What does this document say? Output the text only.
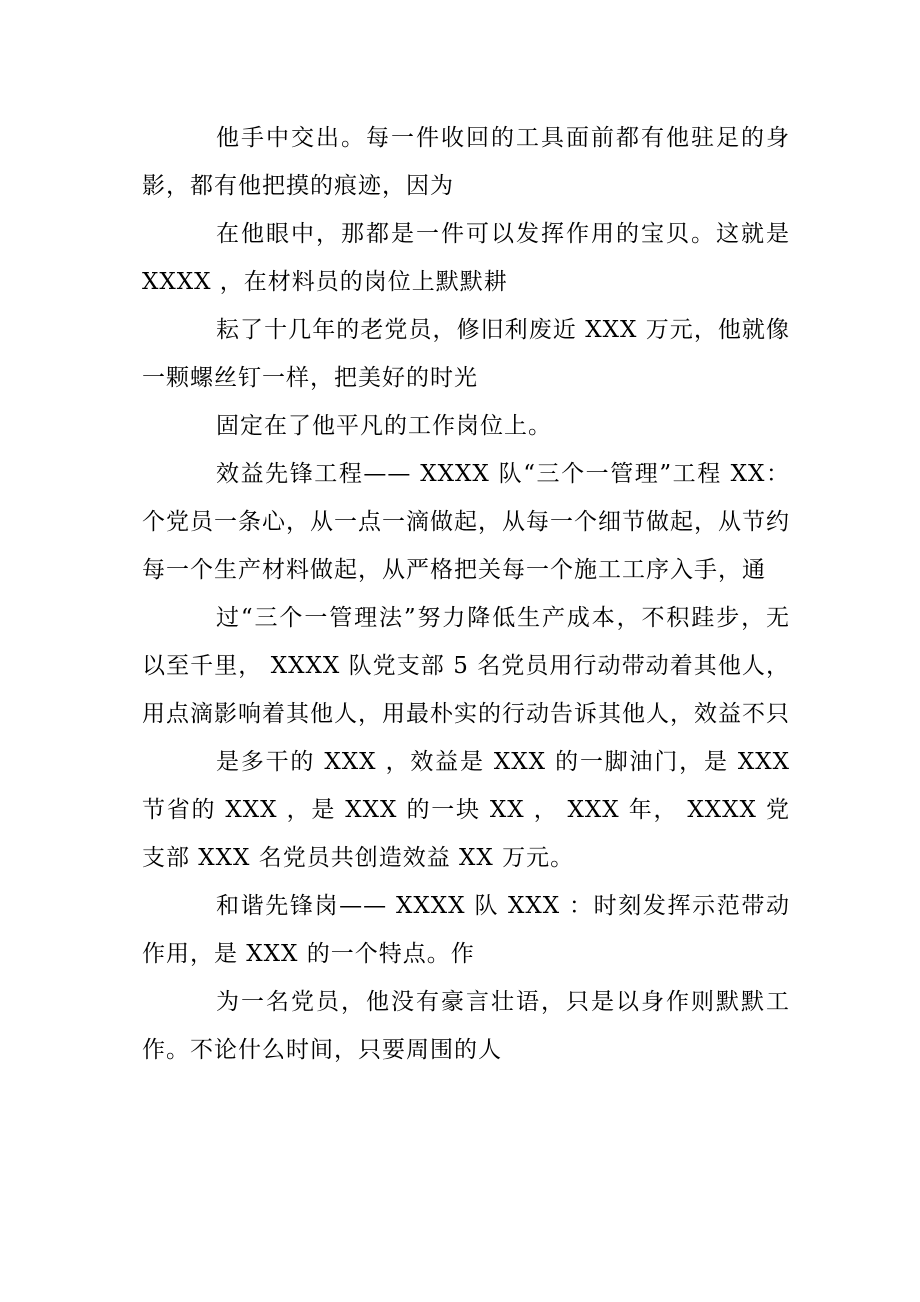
他手中交出。每一件收回的工具面前都有他驻足的身影，都有他把摸的痕迹，因为

在他眼中，那都是一件可以发挥作用的宝贝。这就是 XXXX ，在材料员的岗位上默默耕

耘了十几年的老党员，修旧利废近 XXX 万元，他就像一颗螺丝钉一样，把美好的时光

固定在了他平凡的工作岗位上。

效益先锋工程—— XXXX 队“三个一管理”工程 XX：个党员一条心，从一点一滴做起，从每一个细节做起，从节约每一个生产材料做起，从严格把关每一个施工工序入手，通

过“三个一管理法”努力降低生产成本，不积跬步，无以至千里， XXXX 队党支部 5 名党员用行动带动着其他人，用点滴影响着其他人，用最朴实的行动告诉其他人，效益不只

是多干的 XXX ，效益是 XXX 的一脚油门，是 XXX 节省的 XXX ，是 XXX 的一块 XX ， XXX 年， XXXX 党支部 XXX 名党员共创造效益 XX 万元。

和谐先锋岗—— XXXX 队 XXX ：时刻发挥示范带动作用，是 XXX 的一个特点。作

为一名党员，他没有豪言壮语，只是以身作则默默工作。不论什么时间，只要周围的人
